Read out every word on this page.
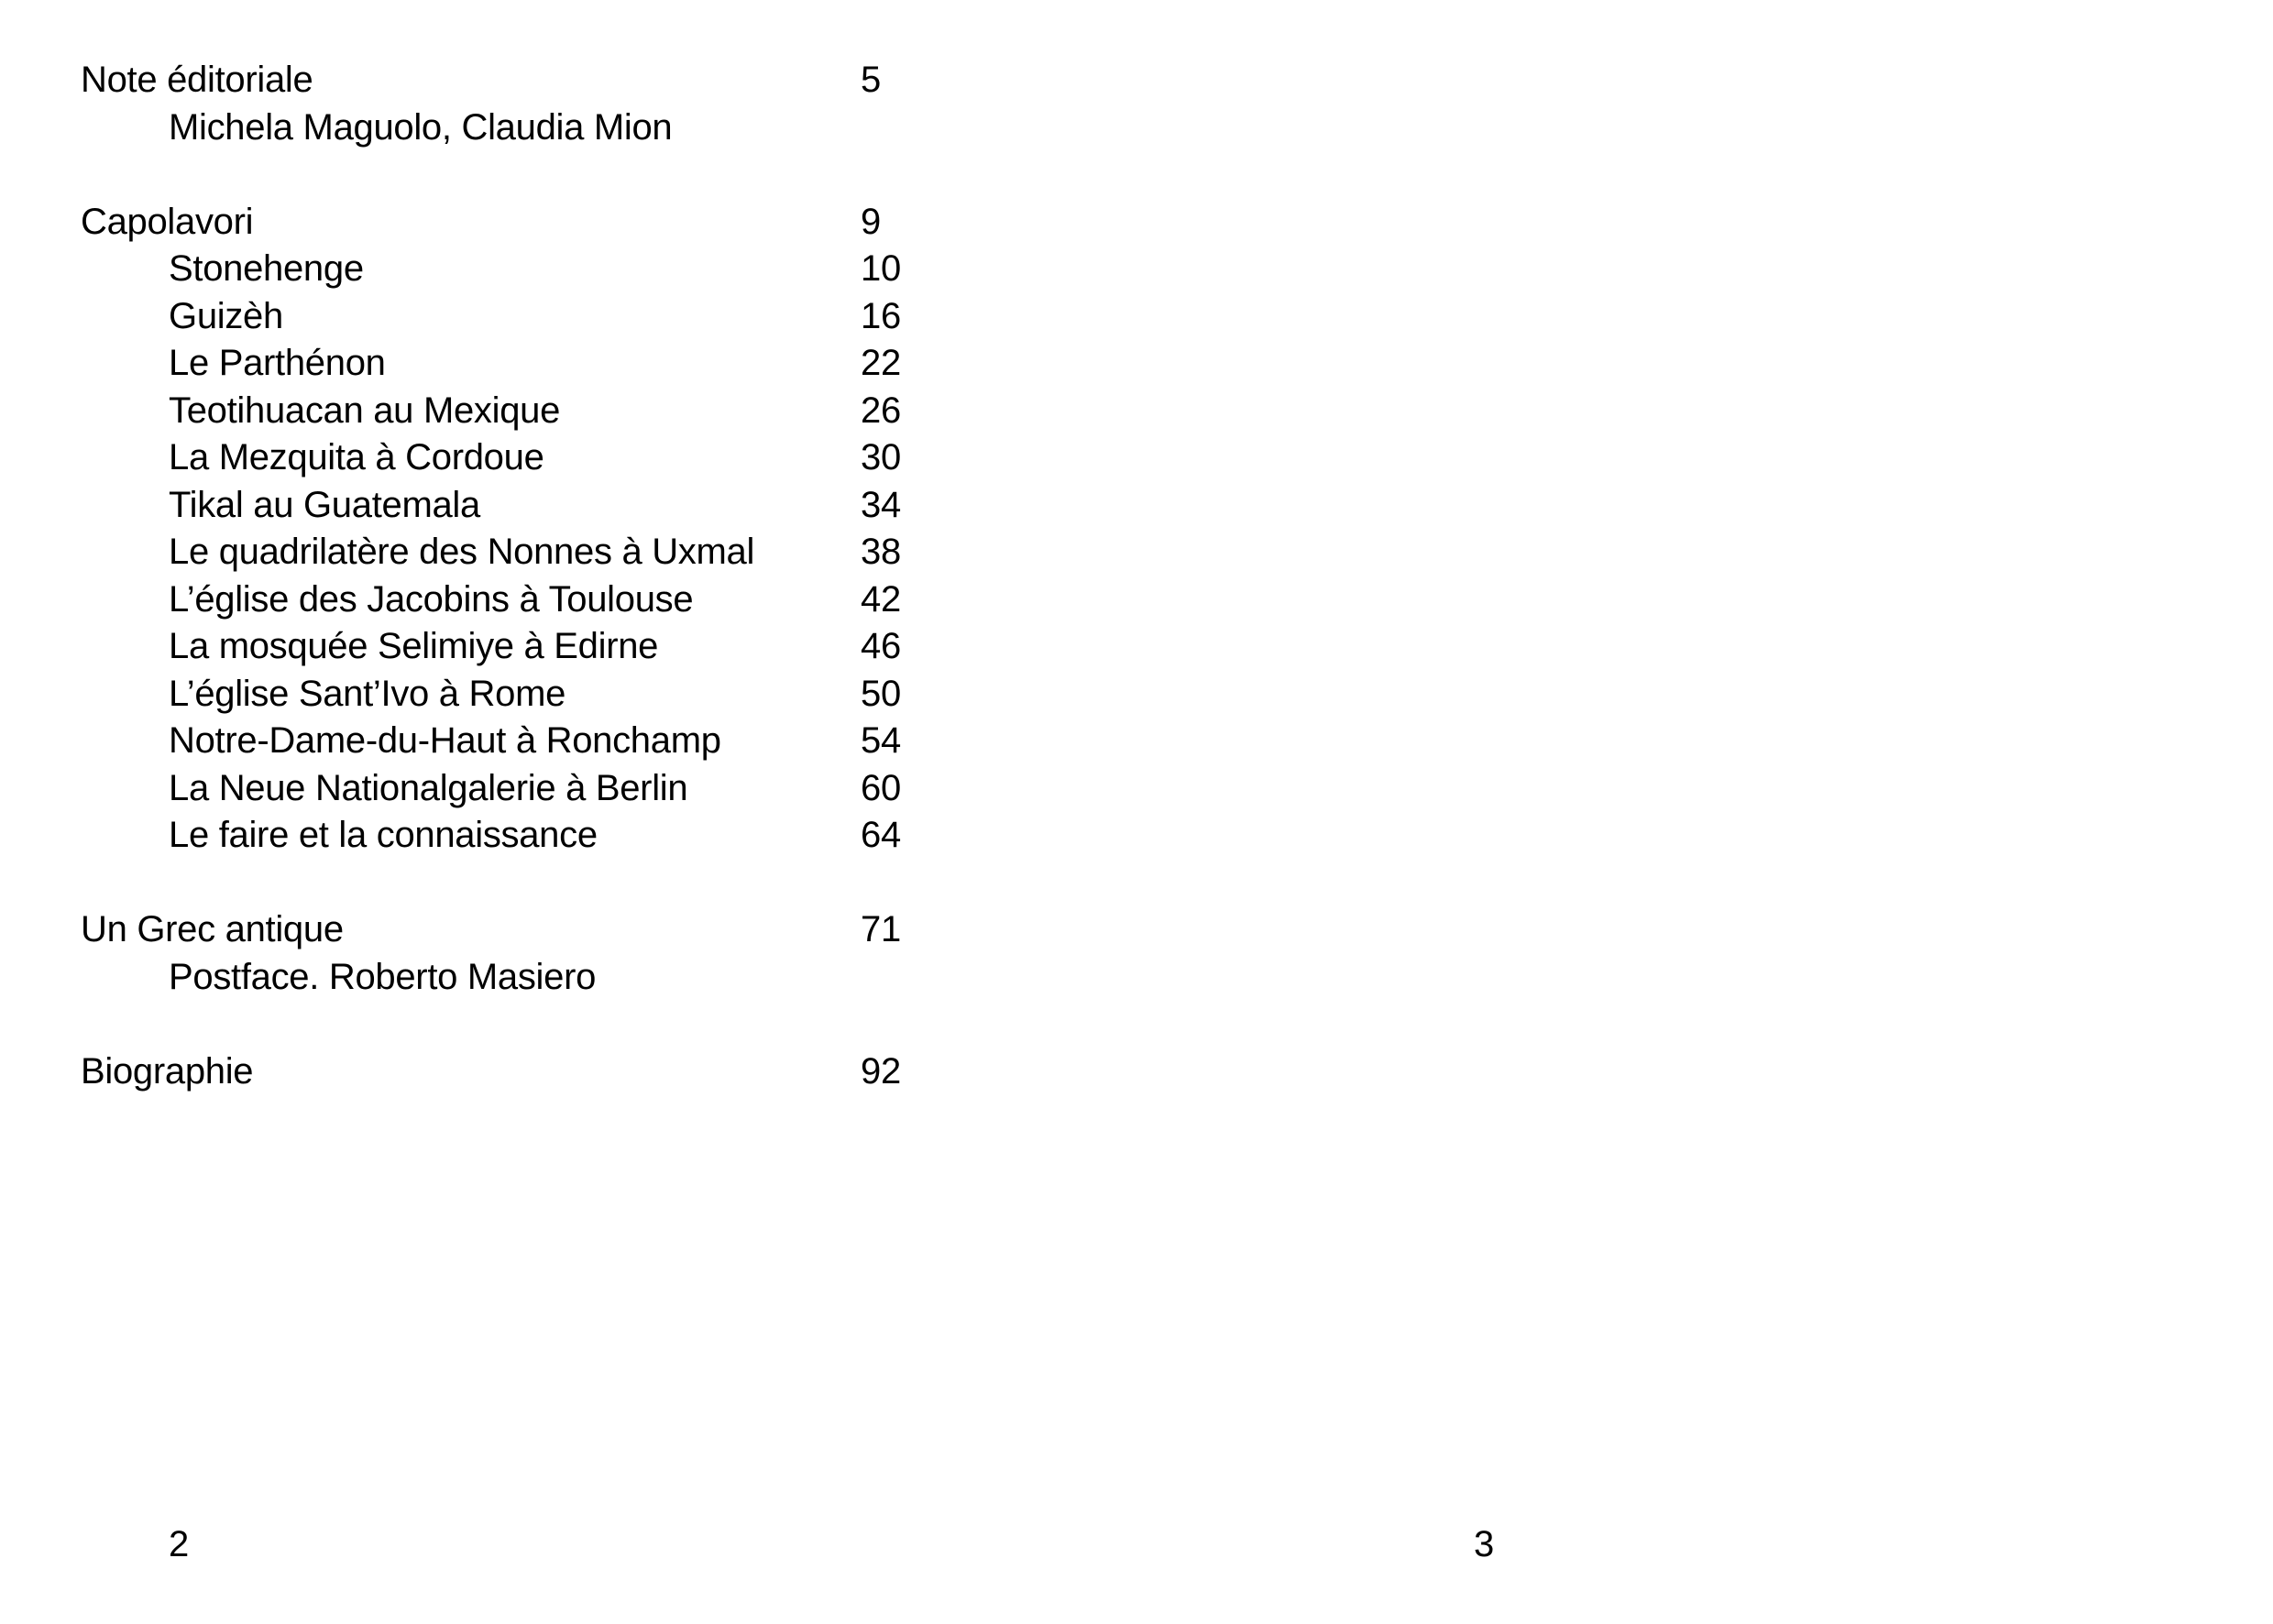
Note éditoriale	5
Michela Maguolo, Claudia Mion
Capolavori	9
Stonehenge	10
Guizèh	16
Le Parthénon	22
Teotihuacan au Mexique	26
La Mezquita à Cordoue	30
Tikal au Guatemala	34
Le quadrilatère des Nonnes à Uxmal	38
L’église des Jacobins à Toulouse	42
La mosquée Selimiye à Edirne	46
L’église Sant’Ivo à Rome	50
Notre-Dame-du-Haut à Ronchamp	54
La Neue Nationalgalerie à Berlin	60
Le faire et la connaissance	64
Un Grec antique	71
Postface. Roberto Masiero
Biographie	92
2	3
